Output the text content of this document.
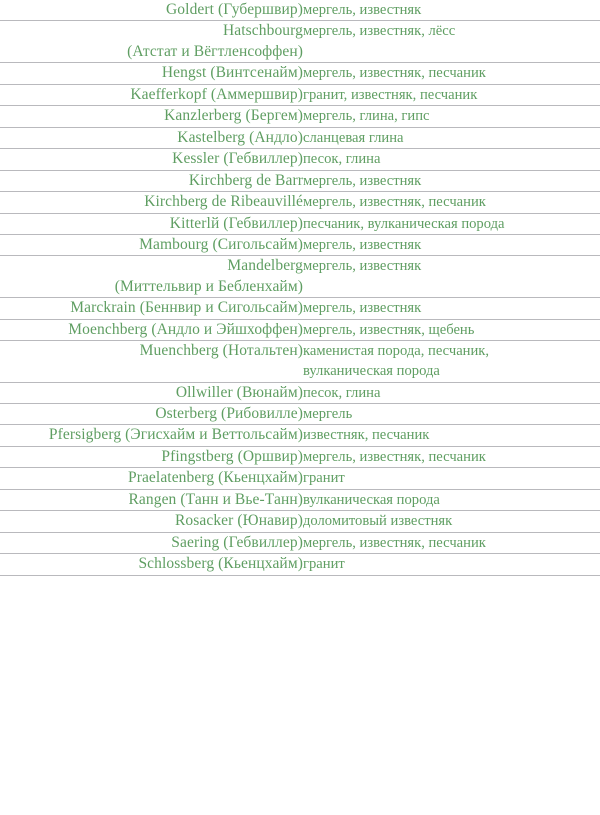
Goldert (Губершвир)	мергель, известняк

Hatschbourg
(Атстат и Вёгтленсоффен)	мергель, известняк, лёсс

Hengst (Винтсенайм)	мергель, известняк, песчаник

Kaefferkopf (Аммершвир)	гранит, известняк, песчаник

Kanzlerberg (Бергем)	мергель, глина, гипс

Kastelberg (Андло)	сланцевая глина

Kessler (Гебвиллер)	песок, глина

Kirchberg de Barr	мергель, известняк

Kirchberg de Ribeauvillé	мергель, известняк, песчаник

Kitterlй (Гебвиллер)	песчаник, вулканическая порода

Mambourg (Сигольсайм)	мергель, известняк

Mandelberg
(Миттельвир и Бебленхайм)	мергель, известняк

Marckrain (Беннвир и Сигольсайм)	мергель, известняк

Moenchberg (Андло и Эйшхоффен)	мергель, известняк, щебень

Muenchberg (Нотальтен)	каменистая порода, песчаник,
вулканическая порода

Ollwiller (Вюнайм)	песок, глина

Osterberg (Рибовилле)	мергель

Pfersigberg (Эгисхайм и Веттольсайм)	известняк, песчаник

Pfingstberg (Оршвир)	мергель, известняк, песчаник

Praelatenberg (Кьенцхайм)	гранит

Rangen (Танн и Вье-Танн)	вулканическая порода

Rosacker (Юнавир)	доломитовый известняк

Saering (Гебвиллер)	мергель, известняк, песчаник

Schlossberg (Кьенцхайм)	гранит
